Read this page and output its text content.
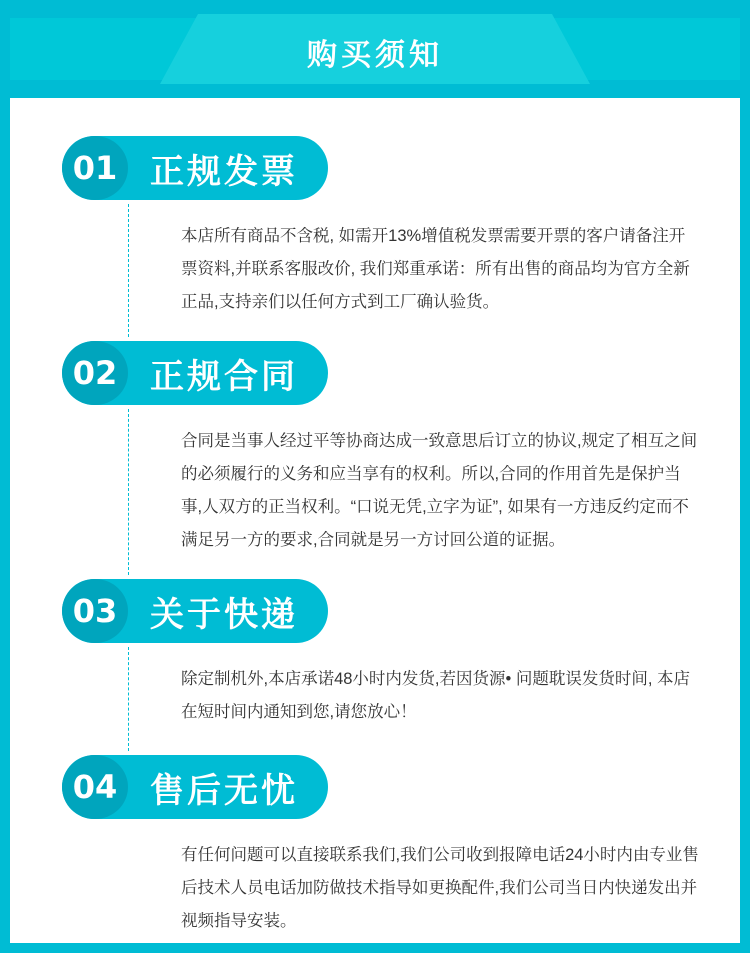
购买须知
01 正规发票

本店所有商品不含税, 如需开13%增值税发票需要开票的客户请备注开票资料,并联系客服改价, 我们郑重承诺：所有出售的商品均为官方全新正品,支持亲们以任何方式到工厂确认验货。

02 正规合同

合同是当事人经过平等协商达成一致意思后订立的协议,规定了相互之间的必须履行的义务和应当享有的权利。所以,合同的作用首先是保护当事,人双方的正当权利。“口说无凭,立字为证”, 如果有一方违反约定而不满足另一方的要求,合同就是另一方讨回公道的证据。

03 关于快递

除定制机外,本店承诺48小时内发货,若因货源• 问题耽误发货时间, 本店在短时间内通知到您,请您放心！

04 售后无忧

有任何问题可以直接联系我们,我们公司收到报障电话24小时内由专业售后技术人员电话加防做技术指导如更换配件,我们公司当日内快递发出并视频指导安装。
